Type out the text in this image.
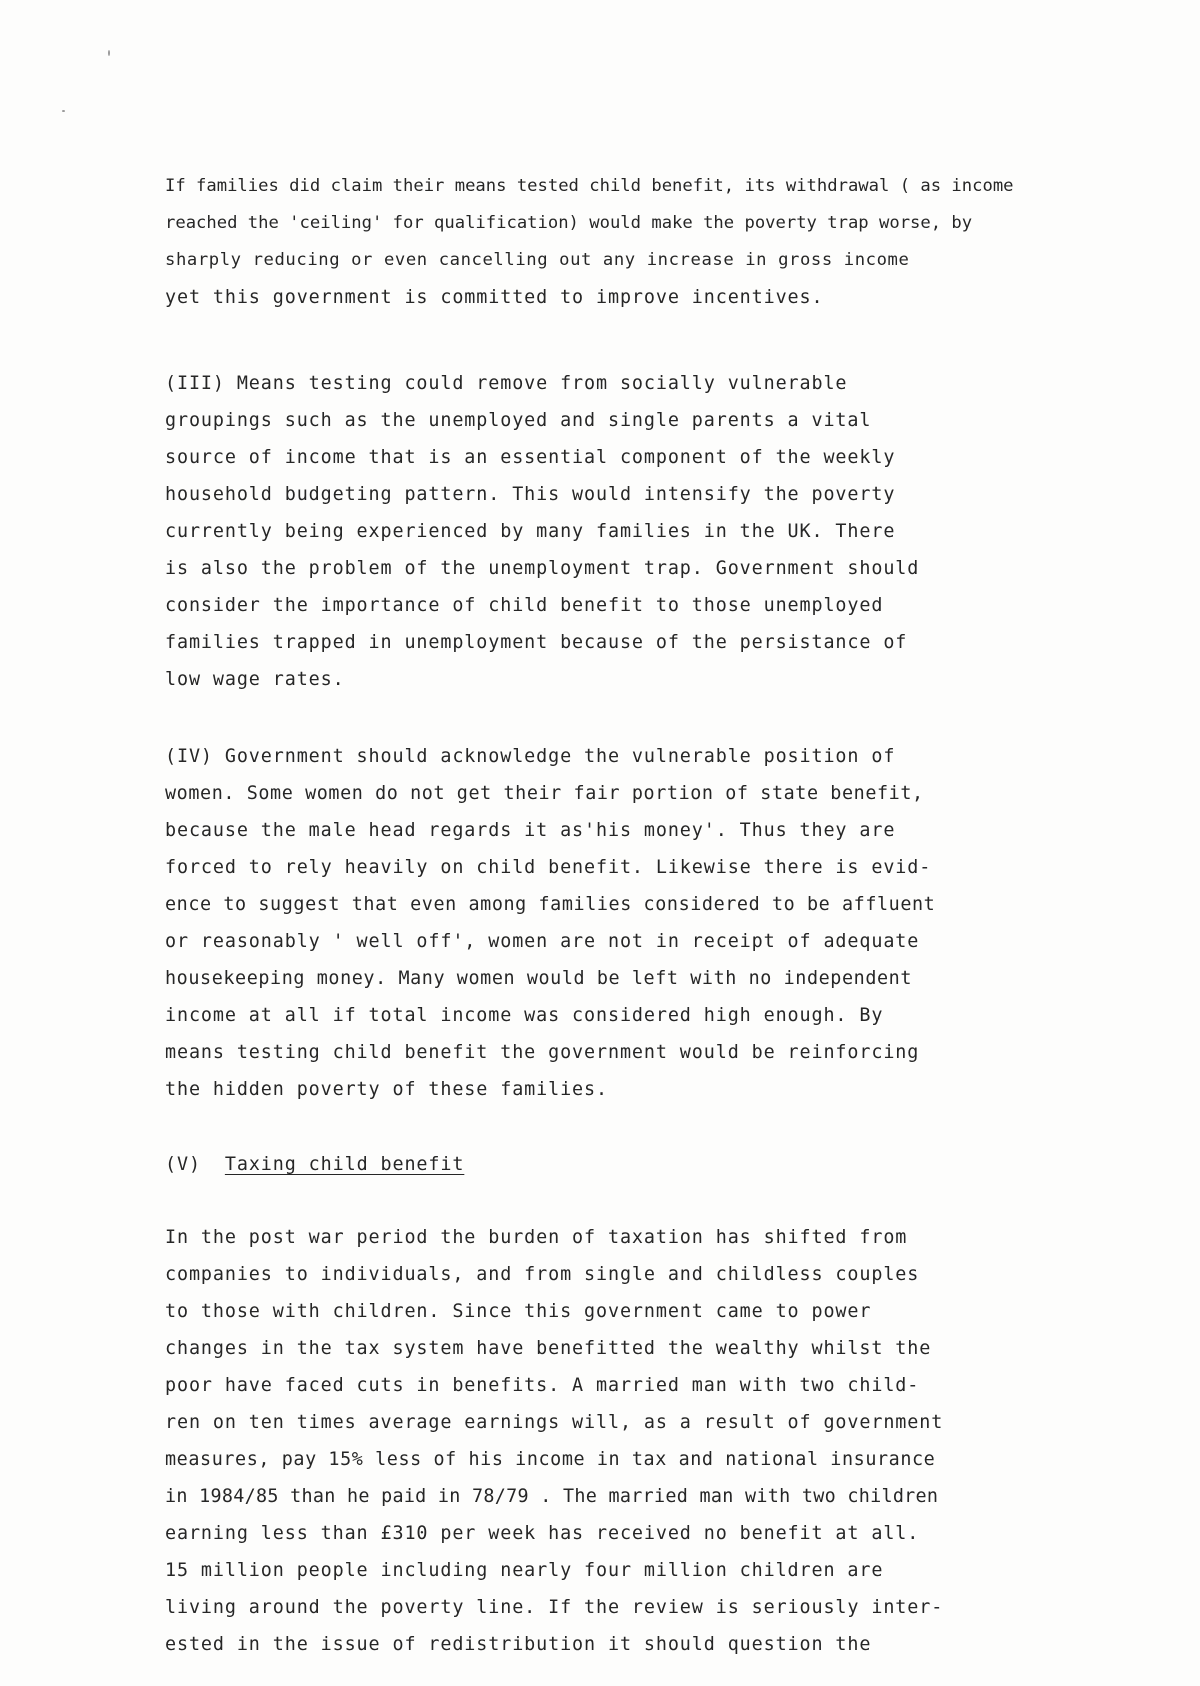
If families did claim their means tested child benefit, its withdrawal ( as income
reached the 'ceiling' for qualification) would make the poverty trap worse, by
sharply reducing or even cancelling out any increase in gross income
yet this government is committed to improve incentives.
(III) Means testing could remove from socially vulnerable
groupings such as the unemployed and single parents a vital
source of income that is an essential component of the weekly
household budgeting pattern. This would intensify the poverty
currently being experienced by many families in the UK. There
is also the problem of the unemployment trap. Government should
consider the importance of child benefit to those unemployed
families trapped in unemployment because of the persistance of
low wage rates.
(IV) Government should acknowledge the vulnerable position of
women. Some women do not get their fair portion of state benefit,
because the male head regards it as'his money'. Thus they are
forced to rely heavily on child benefit. Likewise there is evid-
ence to suggest that even among families considered to be affluent
or reasonably ' well off', women are not in receipt of adequate
housekeeping money. Many women would be left with no independent
income at all if total income was considered high enough. By
means testing child benefit the government would be reinforcing
the hidden poverty of these families.
(V)  Taxing child benefit
In the post war period the burden of taxation has shifted from
companies to individuals, and from single and childless couples
to those with children. Since this government came to power
changes in the tax system have benefitted the wealthy whilst the
poor have faced cuts in benefits. A married man with two child-
ren on ten times average earnings will, as a result of government
measures, pay 15% less of his income in tax and national insurance
in 1984/85 than he paid in 78/79 . The married man with two children
earning less than £310 per week has received no benefit at all.
15 million people including nearly four million children are
living around the poverty line. If the review is seriously inter-
ested in the issue of redistribution it should question the
